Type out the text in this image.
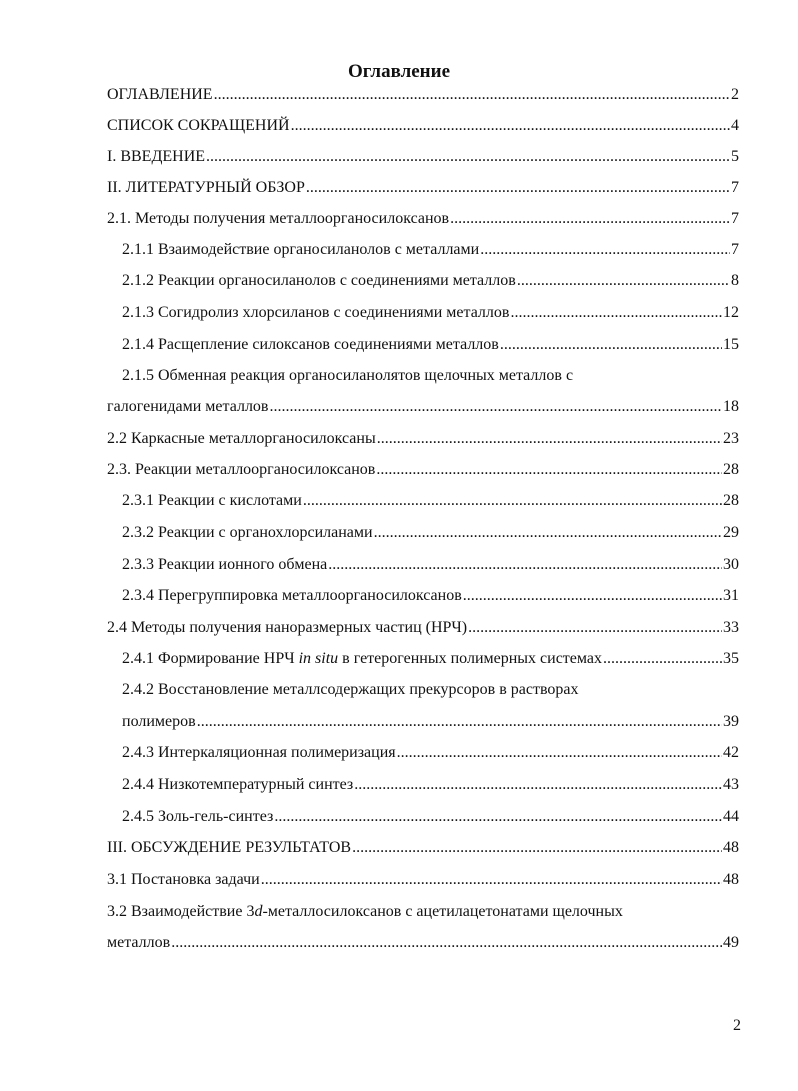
Оглавление
ОГЛАВЛЕНИЕ .....	2
СПИСОК СОКРАЩЕНИЙ .....	4
I. ВВЕДЕНИЕ .....	5
II. ЛИТЕРАТУРНЫЙ ОБЗОР .....	7
2.1. Методы получения металлоорганосилоксанов .....	7
2.1.1 Взаимодействие органосиланолов с металлами .....	7
2.1.2 Реакции органосиланолов с соединениями металлов .....	8
2.1.3 Согидролиз хлорсиланов с соединениями металлов .....	12
2.1.4 Расщепление силоксанов соединениями металлов .....	15
2.1.5 Обменная реакция органосиланолятов щелочных металлов с
галогенидами металлов .....	18
2.2 Каркасные металлорганосилоксаны .....	23
2.3. Реакции металлоорганосилоксанов .....	28
2.3.1 Реакции с кислотами .....	28
2.3.2 Реакции с органохлорсиланами .....	29
2.3.3 Реакции ионного обмена .....	30
2.3.4 Перегруппировка металлоорганосилоксанов .....	31
2.4 Методы получения наноразмерных частиц (НРЧ) .....	33
2.4.1 Формирование НРЧ in situ в гетерогенных полимерных системах .....	35
2.4.2 Восстановление металлсодержащих прекурсоров в растворах
полимеров .....	39
2.4.3 Интеркаляционная полимеризация .....	42
2.4.4 Низкотемпературный синтез .....	43
2.4.5 Золь-гель-синтез .....	44
III. ОБСУЖДЕНИЕ РЕЗУЛЬТАТОВ .....	48
3.1 Постановка задачи .....	48
3.2 Взаимодействие 3d-металлосилоксанов с ацетилацетонатами щелочных
металлов .....	49
2
